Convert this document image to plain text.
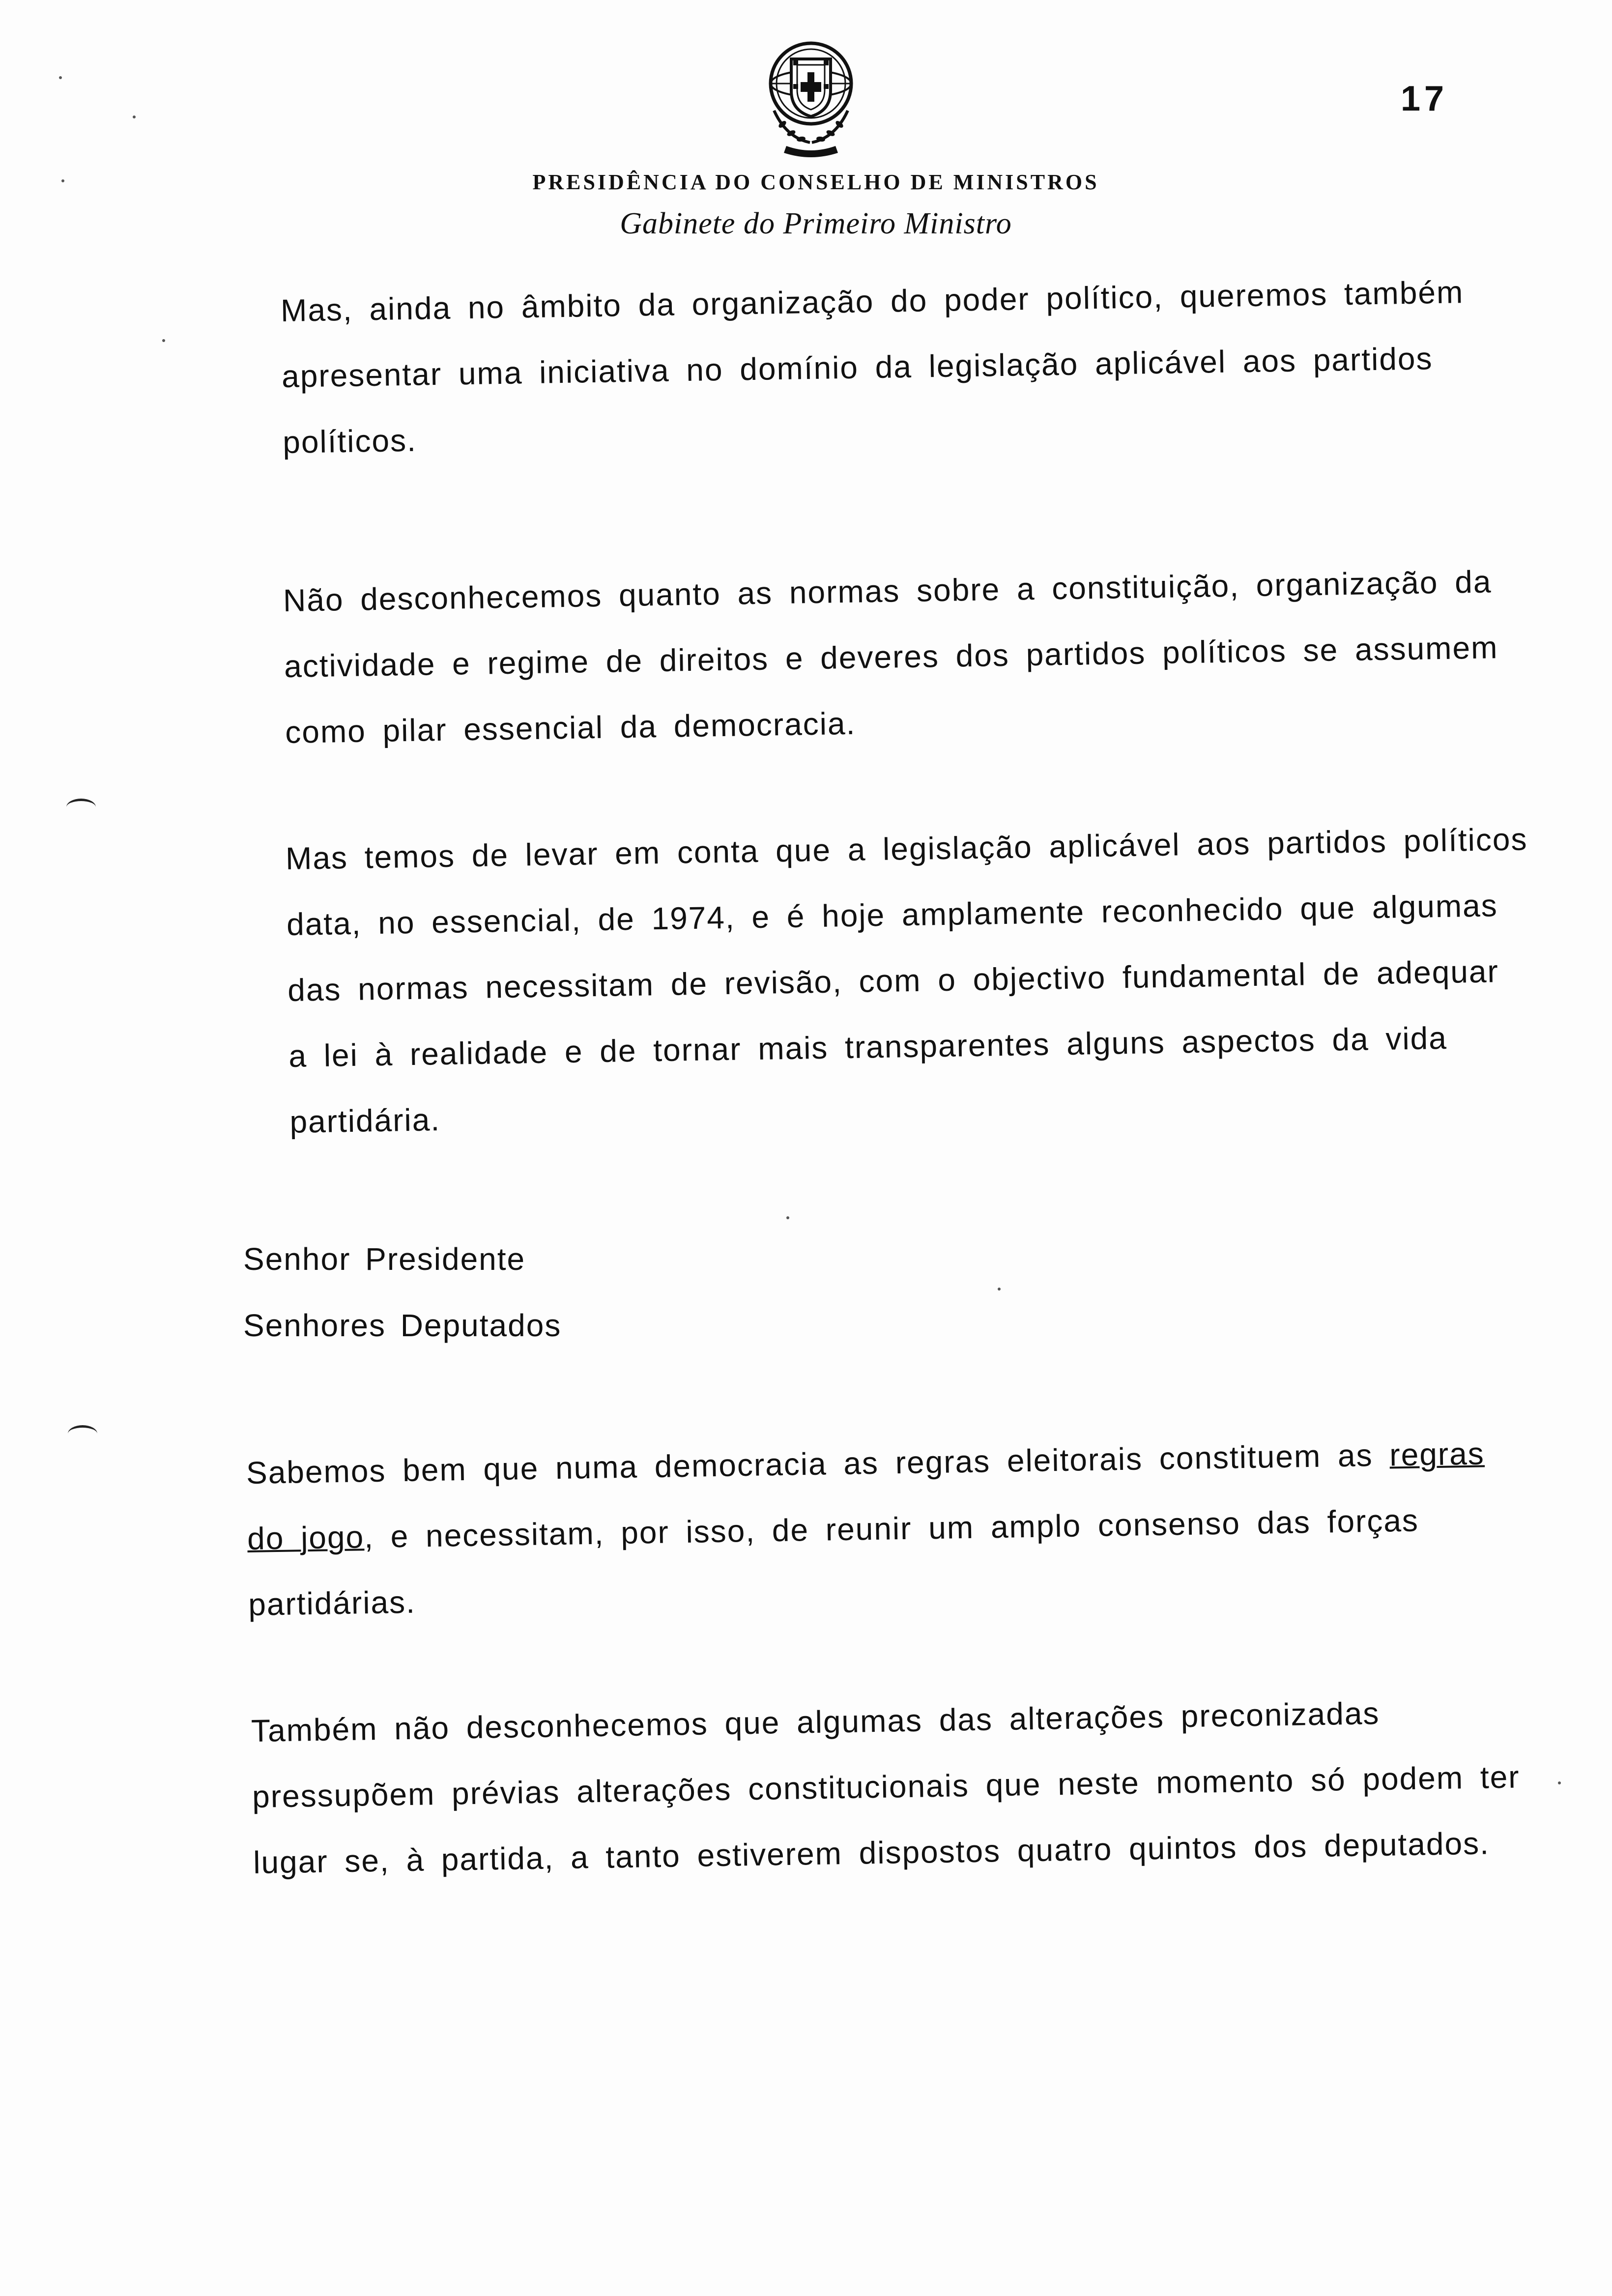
17
PRESIDÊNCIA DO CONSELHO DE MINISTROS
Gabinete do Primeiro Ministro

Mas, ainda no âmbito da organização do poder político, queremos também apresentar uma iniciativa no domínio da legislação aplicável aos partidos políticos.

Não desconhecemos quanto as normas sobre a constituição, organização da actividade e regime de direitos e deveres dos partidos políticos se assumem como pilar essencial da democracia.

Mas temos de levar em conta que a legislação aplicável aos partidos políticos data, no essencial, de 1974, e é hoje amplamente reconhecido que algumas das normas necessitam de revisão, com o objectivo fundamental de adequar a lei à realidade e de tornar mais transparentes alguns aspectos da vida partidária.

Senhor Presidente
Senhores Deputados

Sabemos bem que numa democracia as regras eleitorais constituem as regras do jogo, e necessitam, por isso, de reunir um amplo consenso das forças partidárias.

Também não desconhecemos que algumas das alterações preconizadas pressupõem prévias alterações constitucionais que neste momento só podem ter lugar se, à partida, a tanto estiverem dispostos quatro quintos dos deputados.
